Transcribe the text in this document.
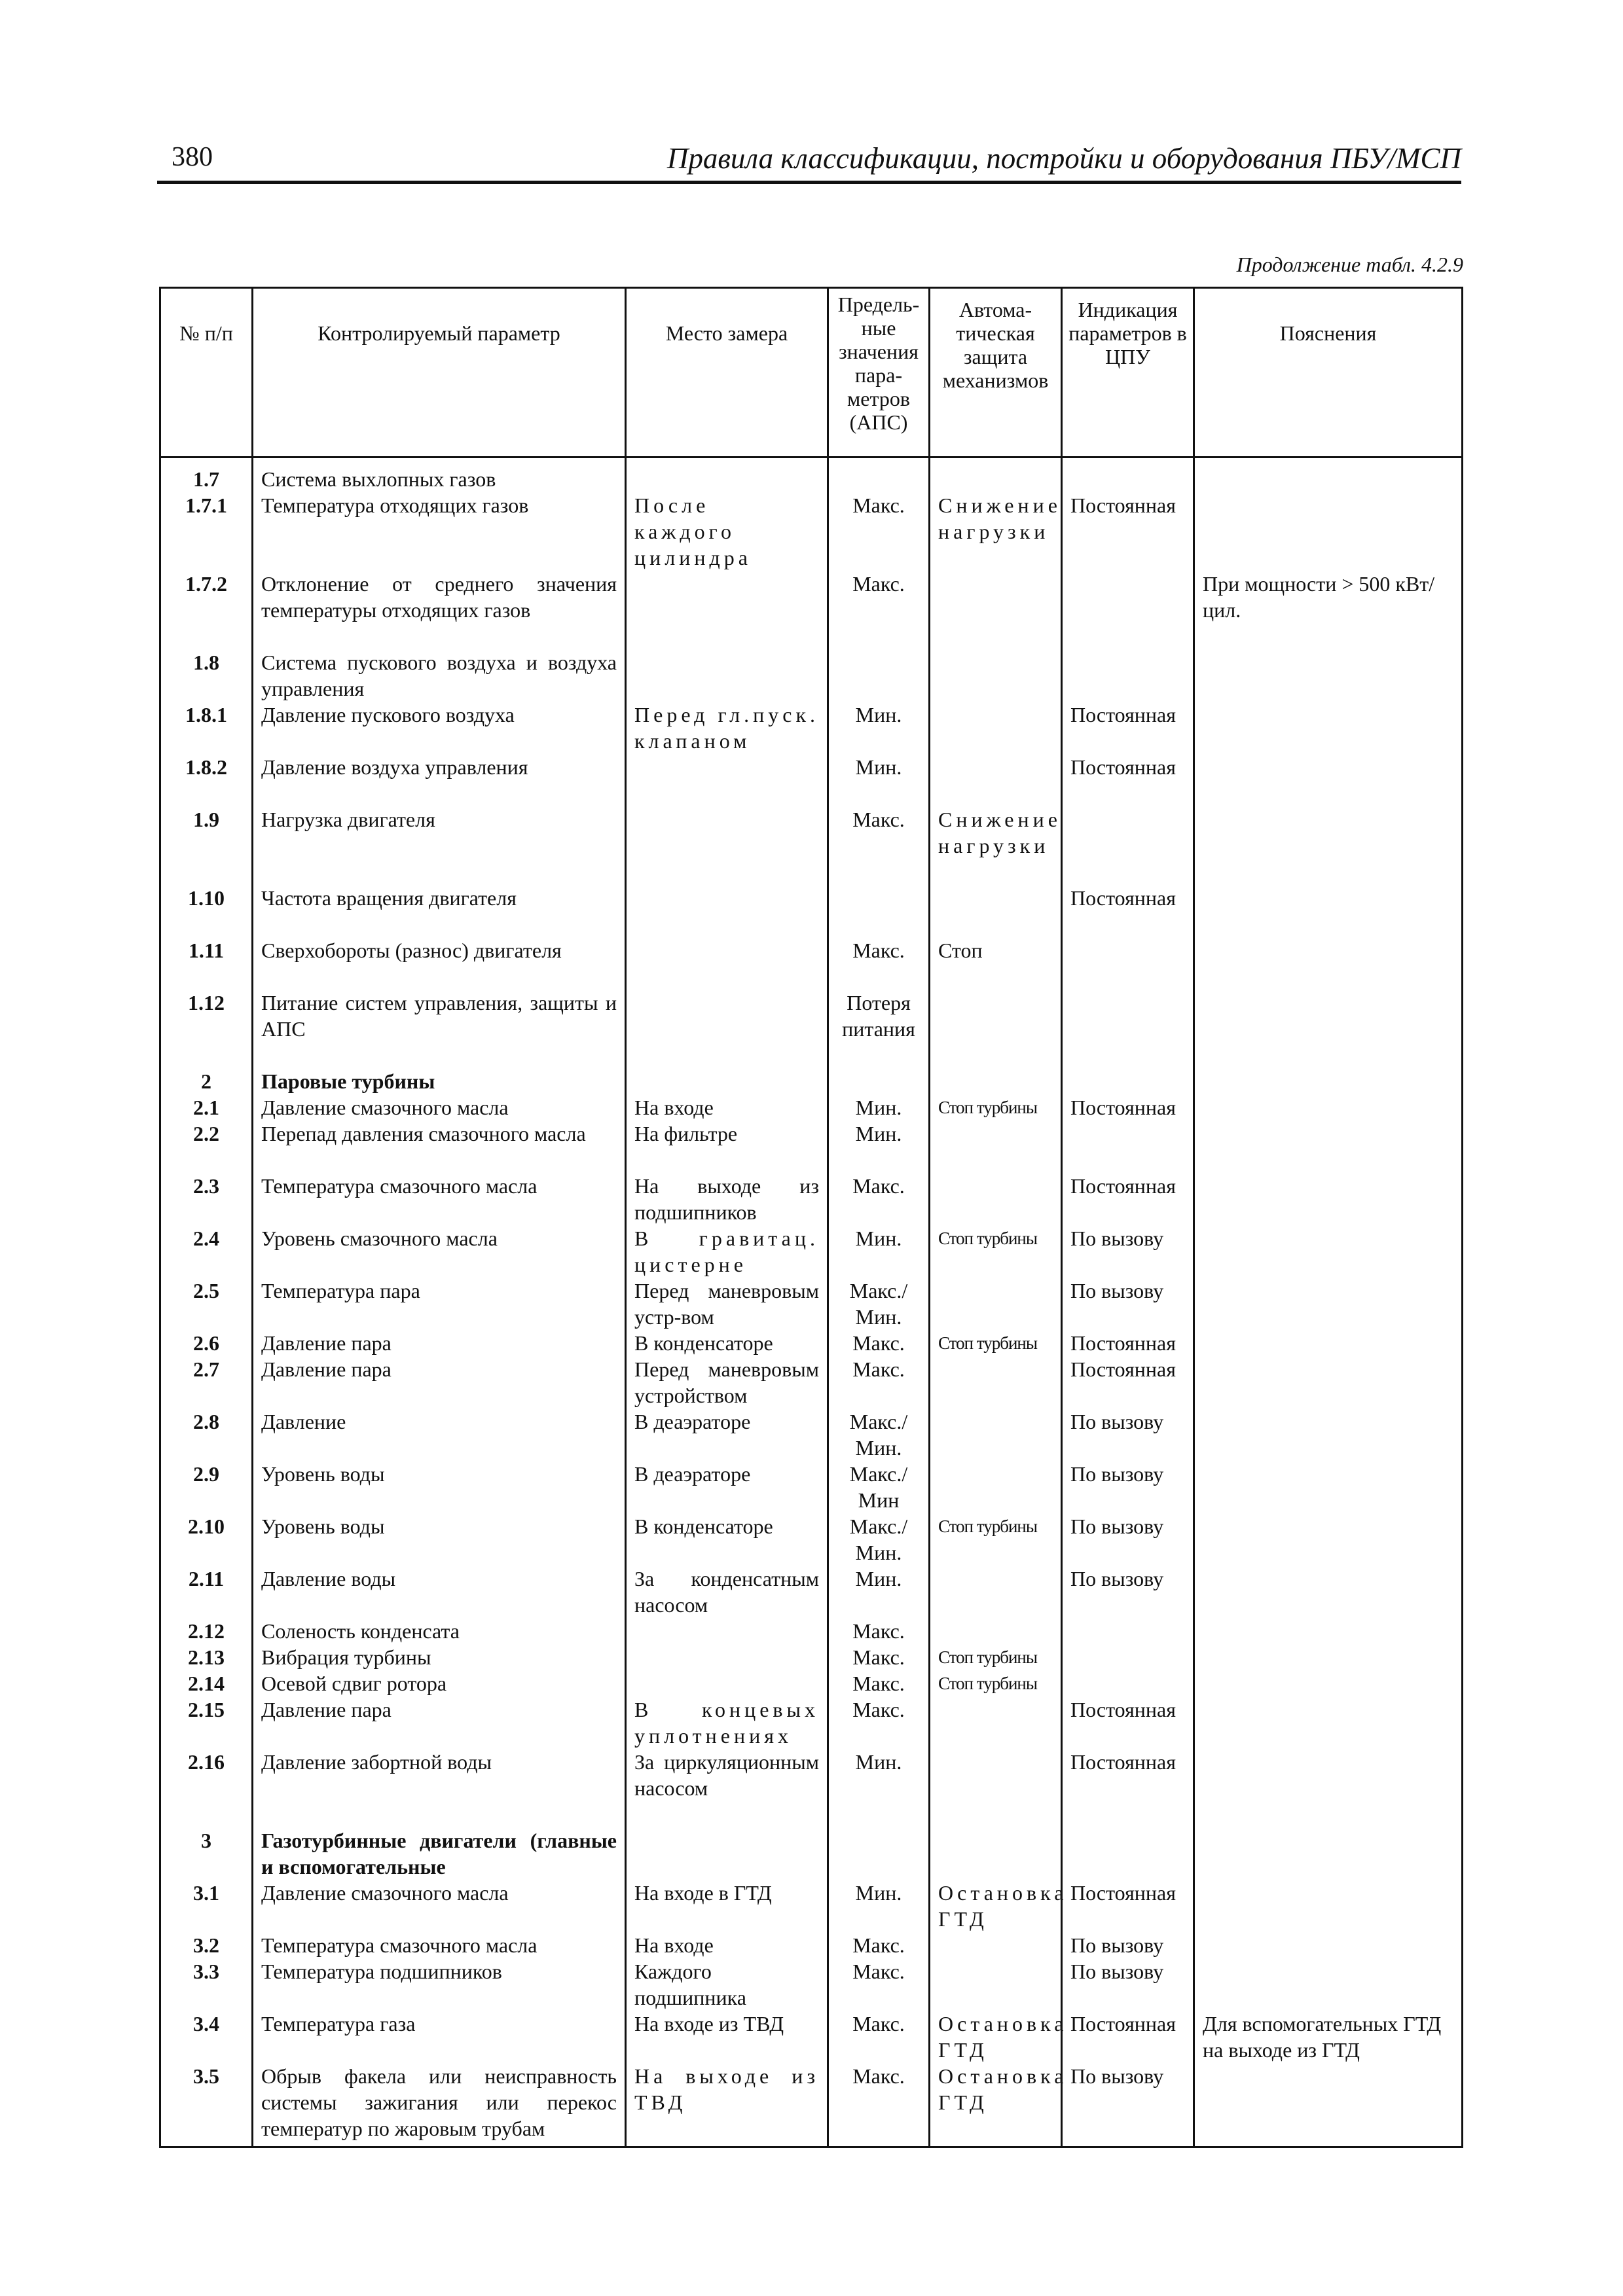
380	Правила классификации, постройки и оборудования ПБУ/МСП
Продолжение табл. 4.2.9
№ п/п	Контролируемый параметр	Место замера	Предель-ные значения пара-метров (АПС)	Автома-тическая защита механизмов	Индикация параметров в ЦПУ	Пояснения
1.7	Система выхлопных газов					
1.7.1	Температура отходящих газов	После каждого цилиндра	Макс.	Снижение нагрузки	Постоянная	
1.7.2	Отклонение от среднего значения температуры отходящих газов		Макс.			При мощности > 500 кВт/цил.
1.8	Система пускового воздуха и воздуха управления					
1.8.1	Давление пускового воздуха	Перед гл.пуск. клапаном	Мин.		Постоянная	
1.8.2	Давление воздуха управления		Мин.		Постоянная	
1.9	Нагрузка двигателя		Макс.	Снижение нагрузки		
1.10	Частота вращения двигателя				Постоянная	
1.11	Сверхобороты (разнос) двигателя		Макс.	Стоп		
1.12	Питание систем управления, защиты и АПС		Потеря питания			
2	Паровые турбины					
2.1	Давление смазочного масла	На входе	Мин.	Стоп турбины	Постоянная	
2.2	Перепад давления смазочного масла	На фильтре	Мин.			
2.3	Температура смазочного масла	На выходе из подшипников	Макс.		Постоянная	
2.4	Уровень смазочного масла	В гравитац. цистерне	Мин.	Стоп турбины	По вызову	
2.5	Температура пара	Перед маневровым устр-вом	Макс./ Мин.		По вызову	
2.6	Давление пара	В конденсаторе	Макс.	Стоп турбины	Постоянная	
2.7	Давление пара	Перед маневровым устройством	Макс.		Постоянная	
2.8	Давление	В деаэраторе	Макс./ Мин.		По вызову	
2.9	Уровень воды	В деаэраторе	Макс./ Мин		По вызову	
2.10	Уровень воды	В конденсаторе	Макс./ Мин.	Стоп турбины	По вызову	
2.11	Давление воды	За конденсатным насосом	Мин.		По вызову	
2.12	Соленость конденсата		Макс.			
2.13	Вибрация турбины		Макс.	Стоп турбины		
2.14	Осевой сдвиг ротора		Макс.	Стоп турбины		
2.15	Давление пара	В концевых уплотнениях	Макс.		Постоянная	
2.16	Давление забортной воды	За циркуляционным насосом	Мин.		Постоянная	
3	Газотурбинные двигатели (главные и вспомогательные					
3.1	Давление смазочного масла	На входе в ГТД	Мин.	Остановка ГТД	Постоянная	
3.2	Температура смазочного масла	На входе	Макс.		По вызову	
3.3	Температура подшипников	Каждого подшипника	Макс.		По вызову	
3.4	Температура газа	На входе из ТВД	Макс.	Остановка ГТД	Постоянная	Для вспомогательных ГТД на выходе из ГТД
3.5	Обрыв факела или неисправность системы зажигания или перекос температур по жаровым трубам	На выходе из ТВД	Макс.	Остановка ГТД	По вызову	
